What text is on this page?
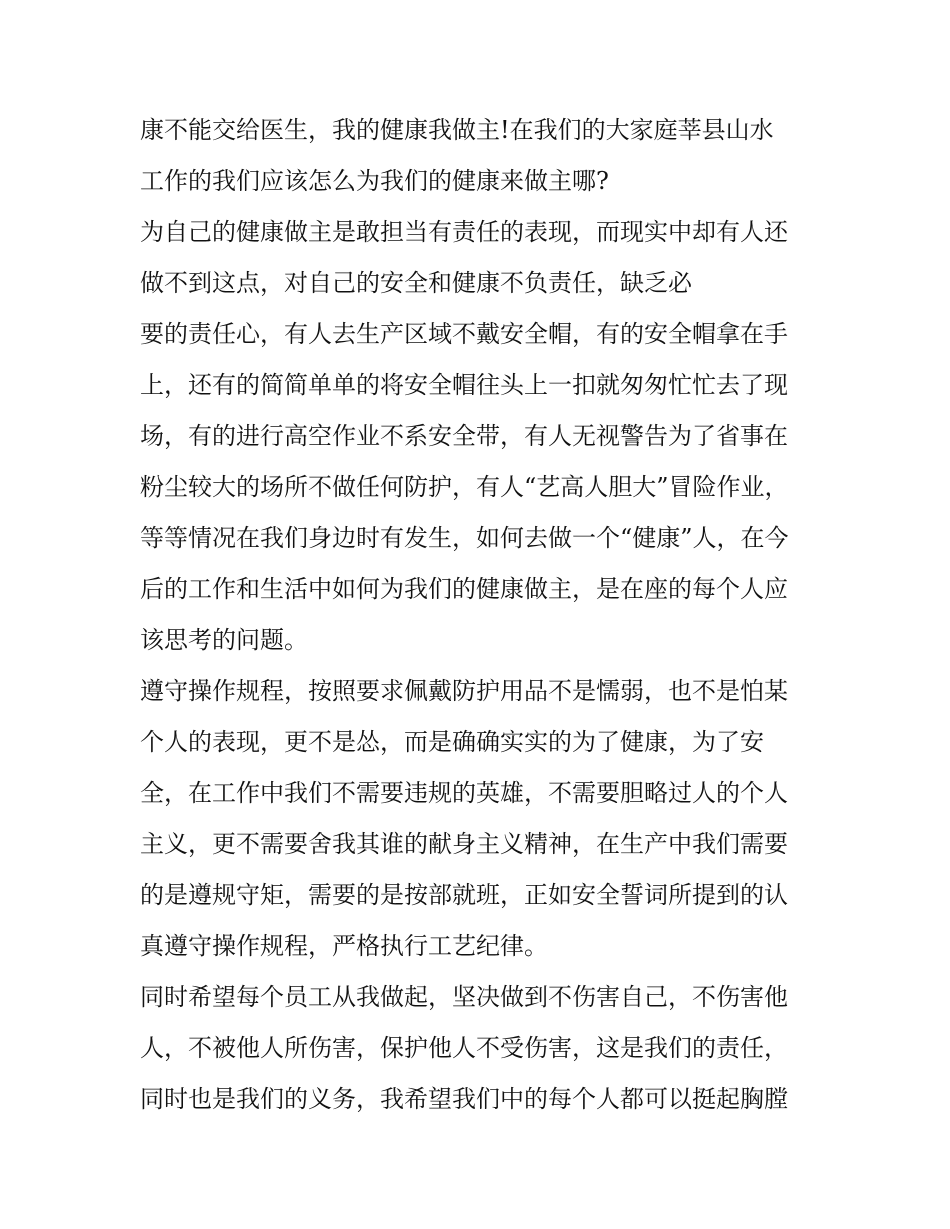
康不能交给医生，我的健康我做主!在我们的大家庭莘县山水

工作的我们应该怎么为我们的健康来做主哪?

为自己的健康做主是敢担当有责任的表现，而现实中却有人还

做不到这点，对自己的安全和健康不负责任，缺乏必

要的责任心，有人去生产区域不戴安全帽，有的安全帽拿在手

上，还有的简简单单的将安全帽往头上一扣就匆匆忙忙去了现

场，有的进行高空作业不系安全带，有人无视警告为了省事在

粉尘较大的场所不做任何防护，有人“艺高人胆大”冒险作业，

等等情况在我们身边时有发生，如何去做一个“健康”人，在今

后的工作和生活中如何为我们的健康做主，是在座的每个人应

该思考的问题。

遵守操作规程，按照要求佩戴防护用品不是懦弱，也不是怕某

个人的表现，更不是怂，而是确确实实的为了健康，为了安

全，在工作中我们不需要违规的英雄，不需要胆略过人的个人

主义，更不需要舍我其谁的献身主义精神，在生产中我们需要

的是遵规守矩，需要的是按部就班，正如安全誓词所提到的认

真遵守操作规程，严格执行工艺纪律。

同时希望每个员工从我做起，坚决做到不伤害自己，不伤害他

人，不被他人所伤害，保护他人不受伤害，这是我们的责任，

同时也是我们的义务，我希望我们中的每个人都可以挺起胸膛
